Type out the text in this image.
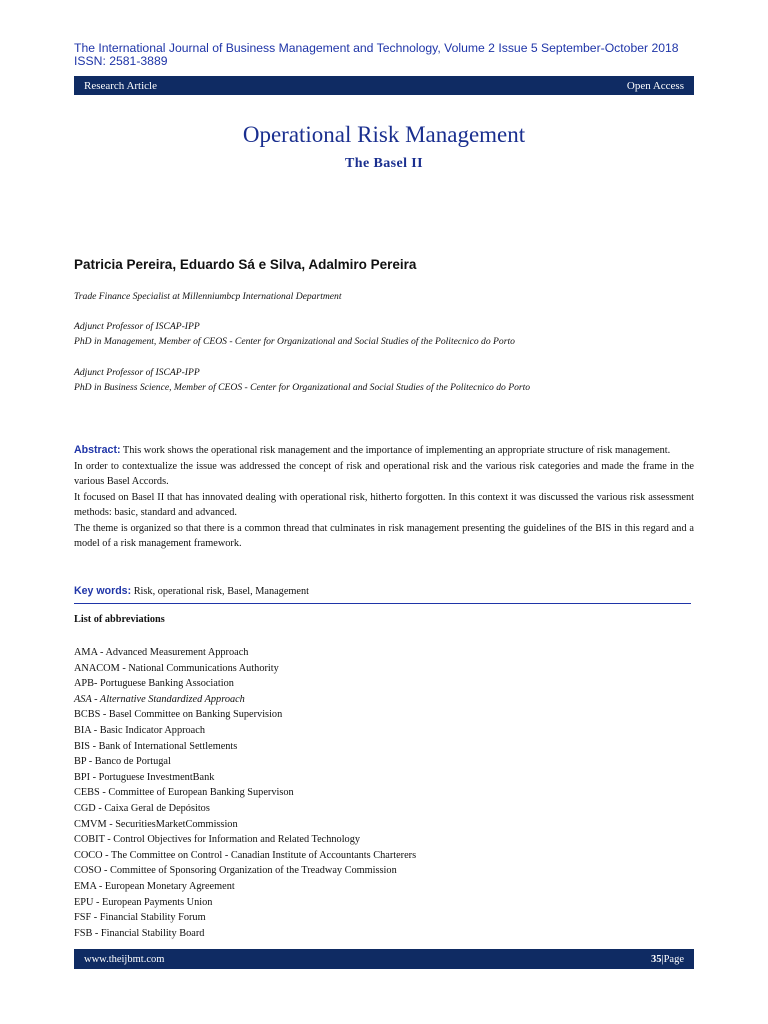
The International Journal of Business Management and Technology, Volume 2 Issue 5 September-October 2018
ISSN: 2581-3889
Research Article	Open Access
Operational Risk Management
The Basel II
Patricia Pereira, Eduardo Sá e Silva, Adalmiro Pereira
Trade Finance Specialist at Millenniumbcp International Department
Adjunct Professor of ISCAP-IPP
PhD in Management, Member of CEOS - Center for Organizational and Social Studies of the Politecnico do Porto
Adjunct Professor of ISCAP-IPP
PhD in Business Science, Member of CEOS - Center for Organizational and Social Studies of the Politecnico do Porto

Abstract: This work shows the operational risk management and the importance of implementing an appropriate structure of risk management.

In order to contextualize the issue was addressed the concept of risk and operational risk and the various risk categories and made the frame in the various Basel Accords.

It focused on Basel II that has innovated dealing with operational risk, hitherto forgotten. In this context it was discussed the various risk assessment methods: basic, standard and advanced.

The theme is organized so that there is a common thread that culminates in risk management presenting the guidelines of the BIS in this regard and a model of a risk management framework.

Key words: Risk, operational risk, Basel, Management
List of abbreviations
AMA - Advanced Measurement Approach
ANACOM - National Communications Authority
APB- Portuguese Banking Association
ASA - Alternative Standardized Approach
BCBS - Basel Committee on Banking Supervision
BIA - Basic Indicator Approach
BIS - Bank of International Settlements
BP - Banco de Portugal
BPI - Portuguese InvestmentBank
CEBS - Committee of European Banking Supervison
CGD - Caixa Geral de Depósitos
CMVM - SecuritiesMarketCommission
COBIT - Control Objectives for Information and Related Technology
COCO - The Committee on Control - Canadian Institute of Accountants Charterers
COSO - Committee of Sponsoring Organization of the Treadway Commission
EMA - European Monetary Agreement
EPU - European Payments Union
FSF - Financial Stability Forum
FSB - Financial Stability Board
www.theijbmt.com	35|Page
